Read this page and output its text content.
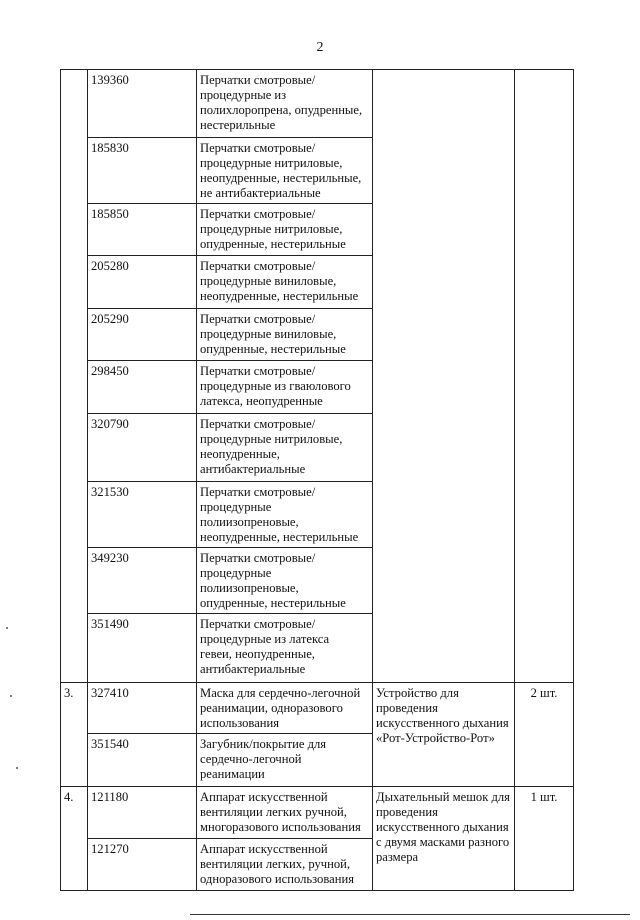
2
	139360	Перчатки смотровые/
процедурные из
полихлоропрена, опудренные,
нестерильные		
	185830	Перчатки смотровые/
процедурные нитриловые,
неопудренные, нестерильные,
не антибактериальные		
	185850	Перчатки смотровые/
процедурные нитриловые,
опудренные, нестерильные		
	205280	Перчатки смотровые/
процедурные виниловые,
неопудренные, нестерильные		
	205290	Перчатки смотровые/
процедурные виниловые,
опудренные, нестерильные		
	298450	Перчатки смотровые/
процедурные из гваюлового
латекса, неопудренные		
	320790	Перчатки смотровые/
процедурные нитриловые,
неопудренные,
антибактериальные		
	321530	Перчатки смотровые/
процедурные
полиизопреновые,
неопудренные, нестерильные		
	349230	Перчатки смотровые/
процедурные
полиизопреновые,
опудренные, нестерильные		
	351490	Перчатки смотровые/
процедурные из латекса
гевеи, неопудренные,
антибактериальные		
3.	327410	Маска для сердечно-легочной
реанимации, одноразового
использования	Устройство для
проведения
искусственного дыхания
«Рот-Устройство-Рот»	2 шт.
	351540	Загубник/покрытие для
сердечно-легочной
реанимации		
4.	121180	Аппарат искусственной
вентиляции легких ручной,
многоразового использования	Дыхательный мешок для
проведения
искусственного дыхания
с двумя масками разного
размера	1 шт.
	121270	Аппарат искусственной
вентиляции легких, ручной,
одноразового использования		
